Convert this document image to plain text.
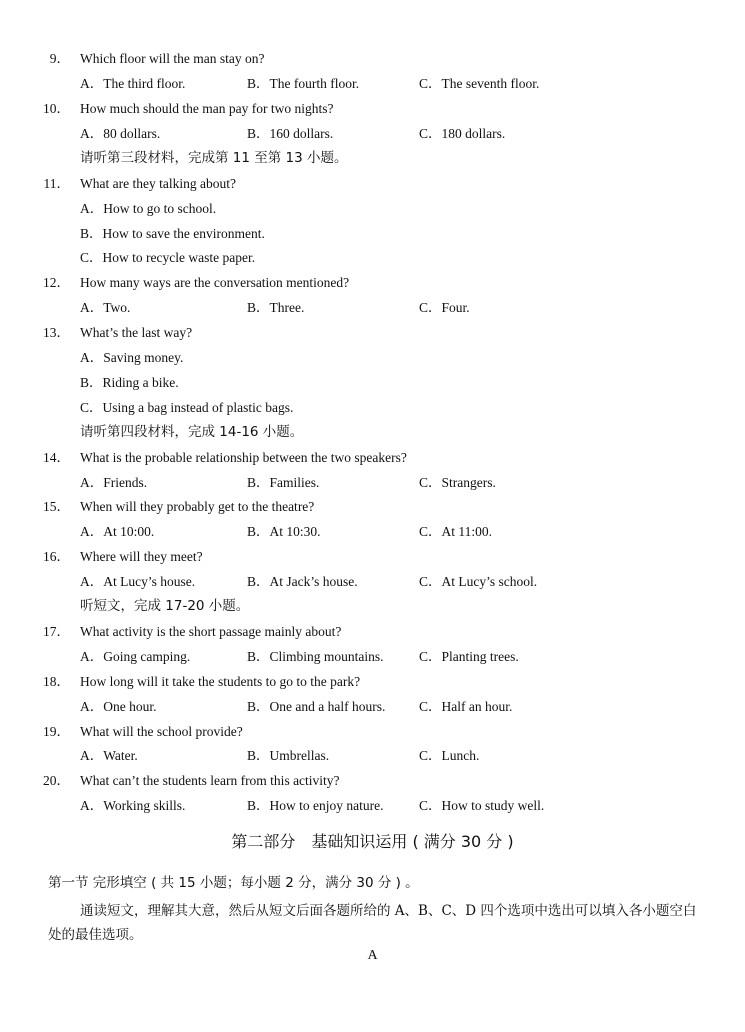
9． Which floor will the man stay on?
A．The third floor.	B．The fourth floor.	C．The seventh floor.
10． How much should the man pay for two nights?
A．80 dollars.	B．160 dollars.	C．180 dollars.
请听第三段材料，完成第 11 至第 13 小题。
11． What are they talking about?
A．How to go to school.
B．How to save the environment.
C．How to recycle waste paper.
12． How many ways are the conversation mentioned?
A．Two.	B．Three.	C．Four.
13． What’s the last way?
A．Saving money.
B．Riding a bike.
C．Using a bag instead of plastic bags.
请听第四段材料，完成 14-16 小题。
14． What is the probable relationship between the two speakers?
A．Friends.	B．Families.	C．Strangers.
15． When will they probably get to the theatre?
A．At 10:00.	B．At 10:30.	C．At 11:00.
16． Where will they meet?
A．At Lucy’s house.	B．At Jack’s house.	C．At Lucy’s school.
听短文，完成 17-20 小题。
17． What activity is the short passage mainly about?
A．Going camping.	B．Climbing mountains.	C．Planting trees.
18． How long will it take the students to go to the park?
A．One hour.	B．One and a half hours. C．Half an hour.
19． What will the school provide?
A．Water.	B．Umbrellas.	C．Lunch.
20． What can’t the students learn from this activity?
A．Working skills.	B．How to enjoy nature.	C．How to study well.
第二部分　基础知识运用 ( 满分 30 分 )
第一节 完形填空 ( 共 15 小题；每小题 2 分，满分 30 分 ) 。
通读短文，理解其大意，然后从短文后面各题所给的 A、B、C、D 四个选项中选出可以填入各小题空白处的最佳选项。
A
